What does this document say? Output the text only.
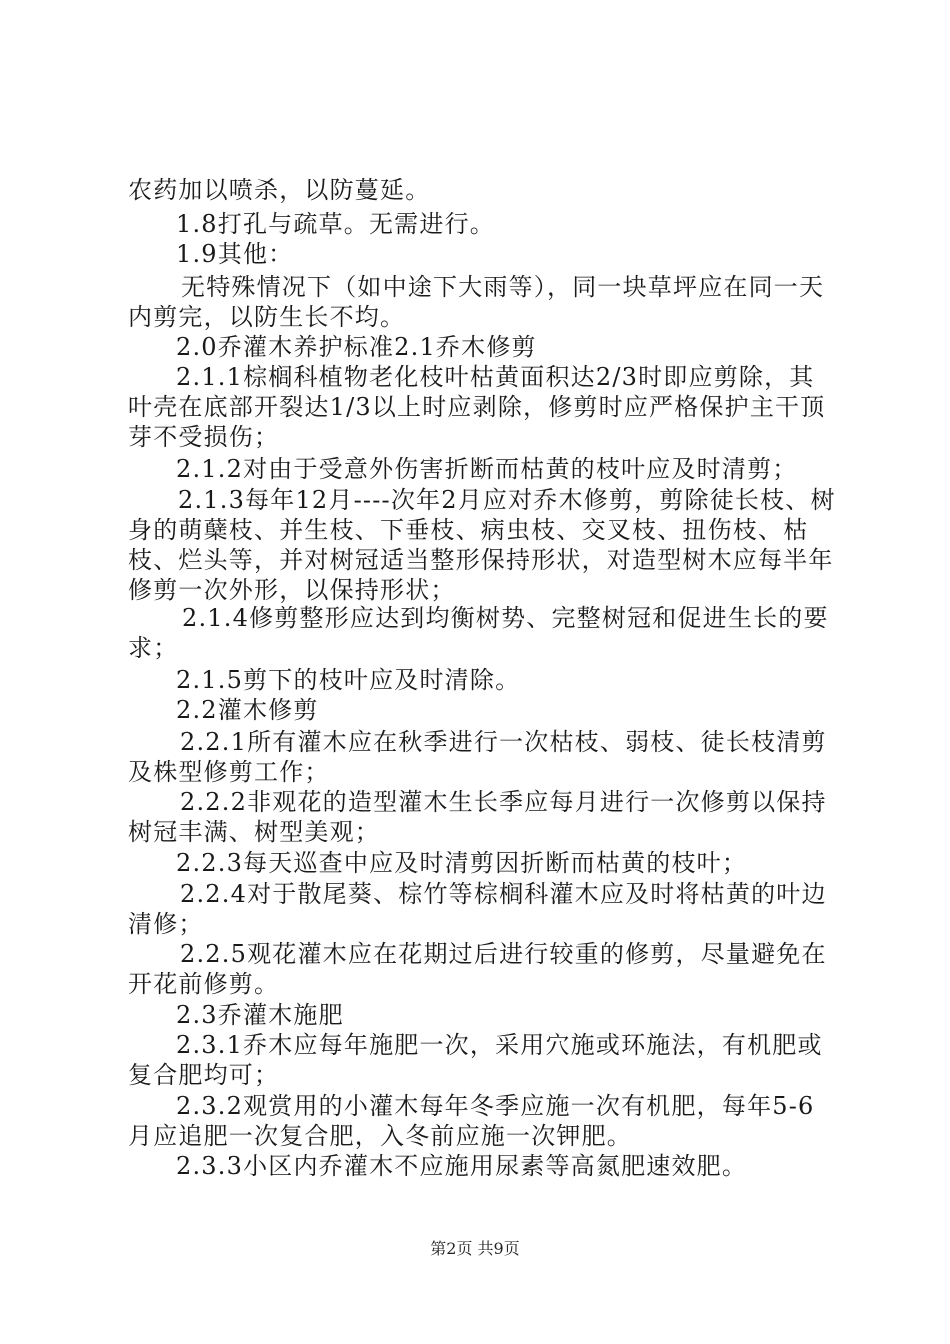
农药加以喷杀，以防蔓延。

1.8打孔与疏草。无需进行。

1.9其他：

无特殊情况下（如中途下大雨等），同一块草坪应在同一天内剪完，以防生长不均。

2.0乔灌木养护标准2.1乔木修剪

2.1.1棕榈科植物老化枝叶枯黄面积达2/3时即应剪除，其叶壳在底部开裂达1/3以上时应剥除，修剪时应严格保护主干顶芽不受损伤；

2.1.2对由于受意外伤害折断而枯黄的枝叶应及时清剪；

2.1.3每年12月----次年2月应对乔木修剪，剪除徒长枝、树身的萌蘖枝、并生枝、下垂枝、病虫枝、交叉枝、扭伤枝、枯枝、烂头等，并对树冠适当整形保持形状，对造型树木应每半年修剪一次外形，以保持形状；

2.1.4修剪整形应达到均衡树势、完整树冠和促进生长的要求；

2.1.5剪下的枝叶应及时清除。

2.2灌木修剪

2.2.1所有灌木应在秋季进行一次枯枝、弱枝、徒长枝清剪及株型修剪工作；

2.2.2非观花的造型灌木生长季应每月进行一次修剪以保持树冠丰满、树型美观；

2.2.3每天巡查中应及时清剪因折断而枯黄的枝叶；

2.2.4对于散尾葵、棕竹等棕榈科灌木应及时将枯黄的叶边清修；

2.2.5观花灌木应在花期过后进行较重的修剪，尽量避免在开花前修剪。

2.3乔灌木施肥

2.3.1乔木应每年施肥一次，采用穴施或环施法，有机肥或复合肥均可；

2.3.2观赏用的小灌木每年冬季应施一次有机肥，每年5-6月应追肥一次复合肥，入冬前应施一次钾肥。

2.3.3小区内乔灌木不应施用尿素等高氮肥速效肥。

第2页 共9页
